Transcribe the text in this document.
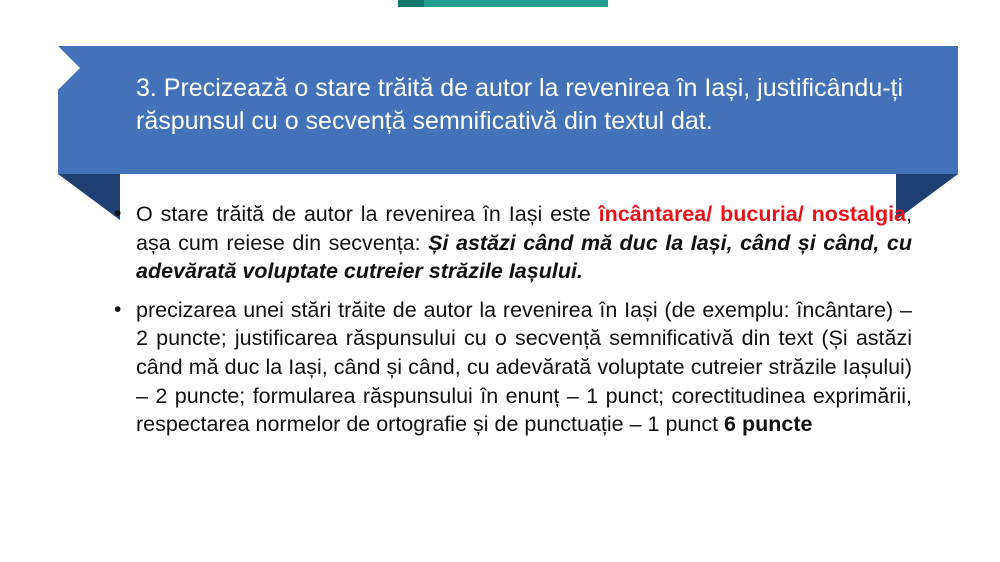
3. Precizează o stare trăită de autor la revenirea în Iași, justificându-ți răspunsul cu o secvență semnificativă din textul dat.
• O stare trăită de autor la revenirea în Iași este încântarea/ bucuria/ nostalgia, așa cum reiese din secvența: Și astăzi când mă duc la Iași, când și când, cu adevărată voluptate cutreier străzile Iașului.
• precizarea unei stări trăite de autor la revenirea în Iași (de exemplu: încântare) – 2 puncte; justificarea răspunsului cu o secvență semnificativă din text (Și astăzi când mă duc la Iași, când și când, cu adevărată voluptate cutreier străzile Iașului) – 2 puncte; formularea răspunsului în enunț – 1 punct; corectitudinea exprimării, respectarea normelor de ortografie și de punctuație – 1 punct 6 puncte
